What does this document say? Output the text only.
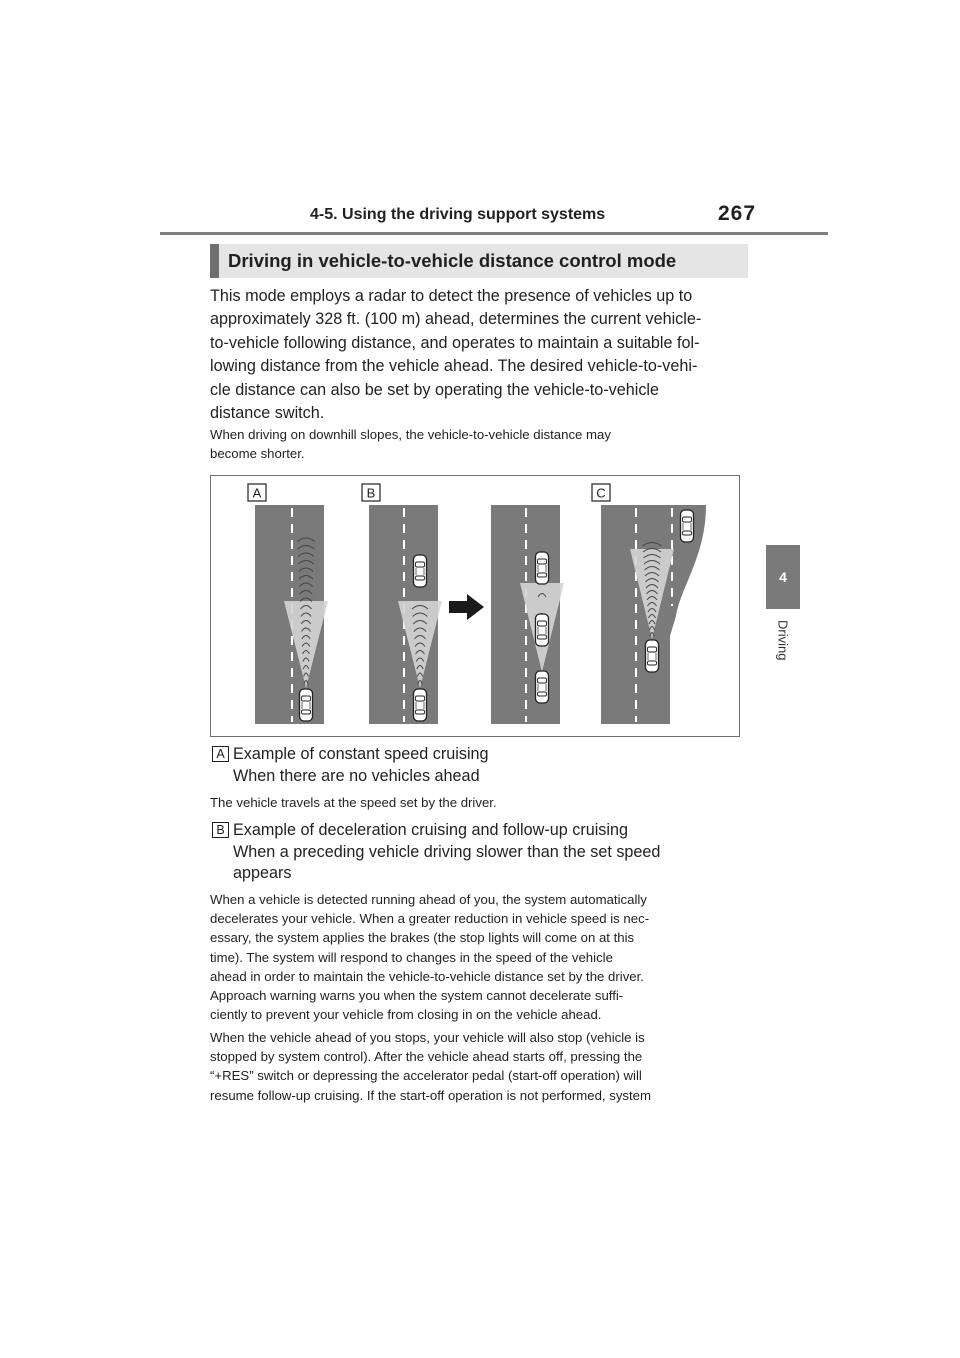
4-5. Using the driving support systems	267
4
Driving
Driving in vehicle-to-vehicle distance control mode
This mode employs a radar to detect the presence of vehicles up to
approximately 328 ft. (100 m) ahead, determines the current vehicle-
to-vehicle following distance, and operates to maintain a suitable fol-
lowing distance from the vehicle ahead. The desired vehicle-to-vehi-
cle distance can also be set by operating the vehicle-to-vehicle
distance switch.
When driving on downhill slopes, the vehicle-to-vehicle distance may
become shorter.
A	B	C
A Example of constant speed cruising
When there are no vehicles ahead
The vehicle travels at the speed set by the driver.
B Example of deceleration cruising and follow-up cruising
When a preceding vehicle driving slower than the set speed
appears
When a vehicle is detected running ahead of you, the system automatically
decelerates your vehicle. When a greater reduction in vehicle speed is nec-
essary, the system applies the brakes (the stop lights will come on at this
time). The system will respond to changes in the speed of the vehicle
ahead in order to maintain the vehicle-to-vehicle distance set by the driver.
Approach warning warns you when the system cannot decelerate suffi-
ciently to prevent your vehicle from closing in on the vehicle ahead.
When the vehicle ahead of you stops, your vehicle will also stop (vehicle is
stopped by system control). After the vehicle ahead starts off, pressing the
“+RES” switch or depressing the accelerator pedal (start-off operation) will
resume follow-up cruising. If the start-off operation is not performed, system
